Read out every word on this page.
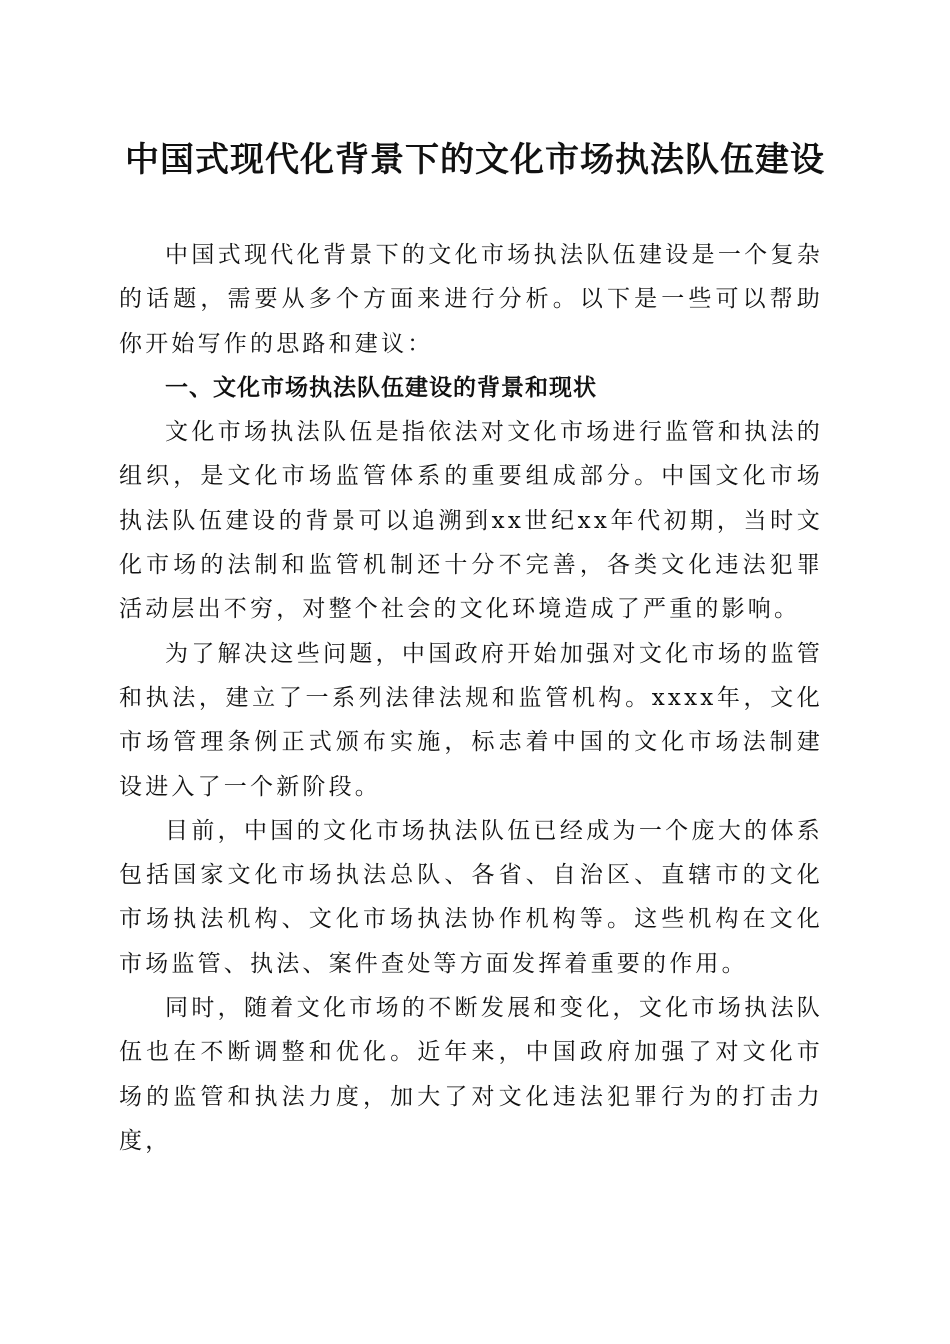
中国式现代化背景下的文化市场执法队伍建设

中国式现代化背景下的文化市场执法队伍建设是一个复杂的话题，需要从多个方面来进行分析。以下是一些可以帮助你开始写作的思路和建议：

一、文化市场执法队伍建设的背景和现状

文化市场执法队伍是指依法对文化市场进行监管和执法的组织，是文化市场监管体系的重要组成部分。中国文化市场执法队伍建设的背景可以追溯到xx世纪xx年代初期，当时文化市场的法制和监管机制还十分不完善，各类文化违法犯罪活动层出不穷，对整个社会的文化环境造成了严重的影响。

为了解决这些问题，中国政府开始加强对文化市场的监管和执法，建立了一系列法律法规和监管机构。xxxx年，文化市场管理条例正式颁布实施，标志着中国的文化市场法制建设进入了一个新阶段。

目前，中国的文化市场执法队伍已经成为一个庞大的体系包括国家文化市场执法总队、各省、自治区、直辖市的文化市场执法机构、文化市场执法协作机构等。这些机构在文化市场监管、执法、案件查处等方面发挥着重要的作用。

同时，随着文化市场的不断发展和变化，文化市场执法队伍也在不断调整和优化。近年来，中国政府加强了对文化市场的监管和执法力度，加大了对文化违法犯罪行为的打击力度，
